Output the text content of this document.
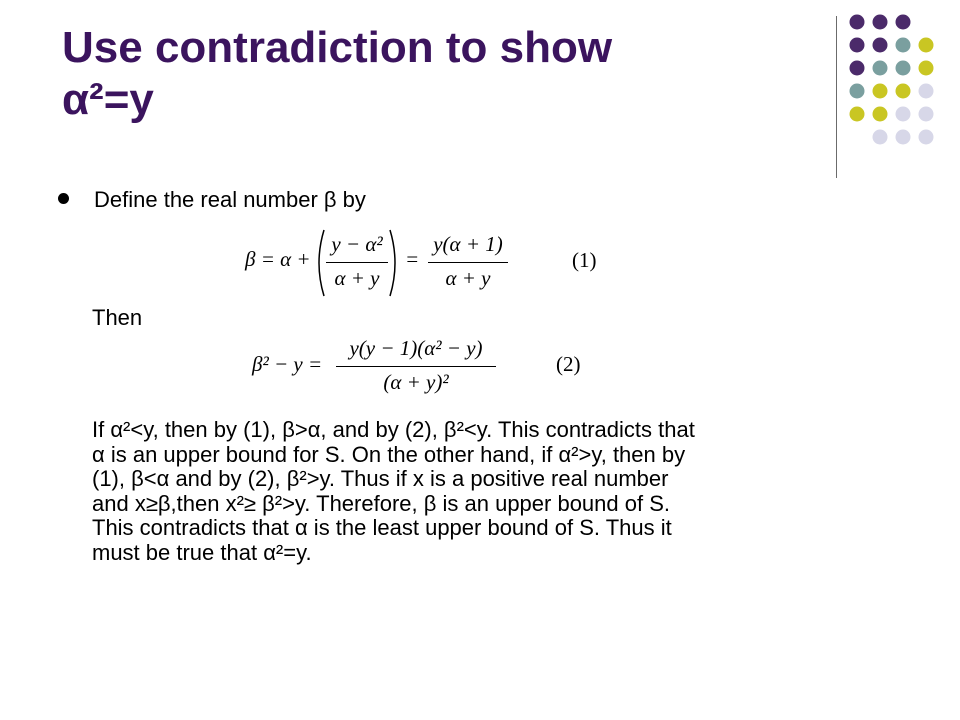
Use contradiction to show
α²=y
Define the real number β by
β = α +
y − α²
α + y
=
y(α + 1)
α + y
(1)
Then
β² − y =
y(y − 1)(α² − y)
(α + y)²
(2)
If α²<y, then by (1), β>α, and by (2), β²<y. This contradicts that
α is an upper bound for S. On the other hand, if α²>y, then by
(1), β<α and by (2), β²>y. Thus if x is a positive real number
and x≥β,then x²≥ β²>y. Therefore, β is an upper bound of S.
This contradicts that α is the least upper bound of S. Thus it
must be true that α²=y.
